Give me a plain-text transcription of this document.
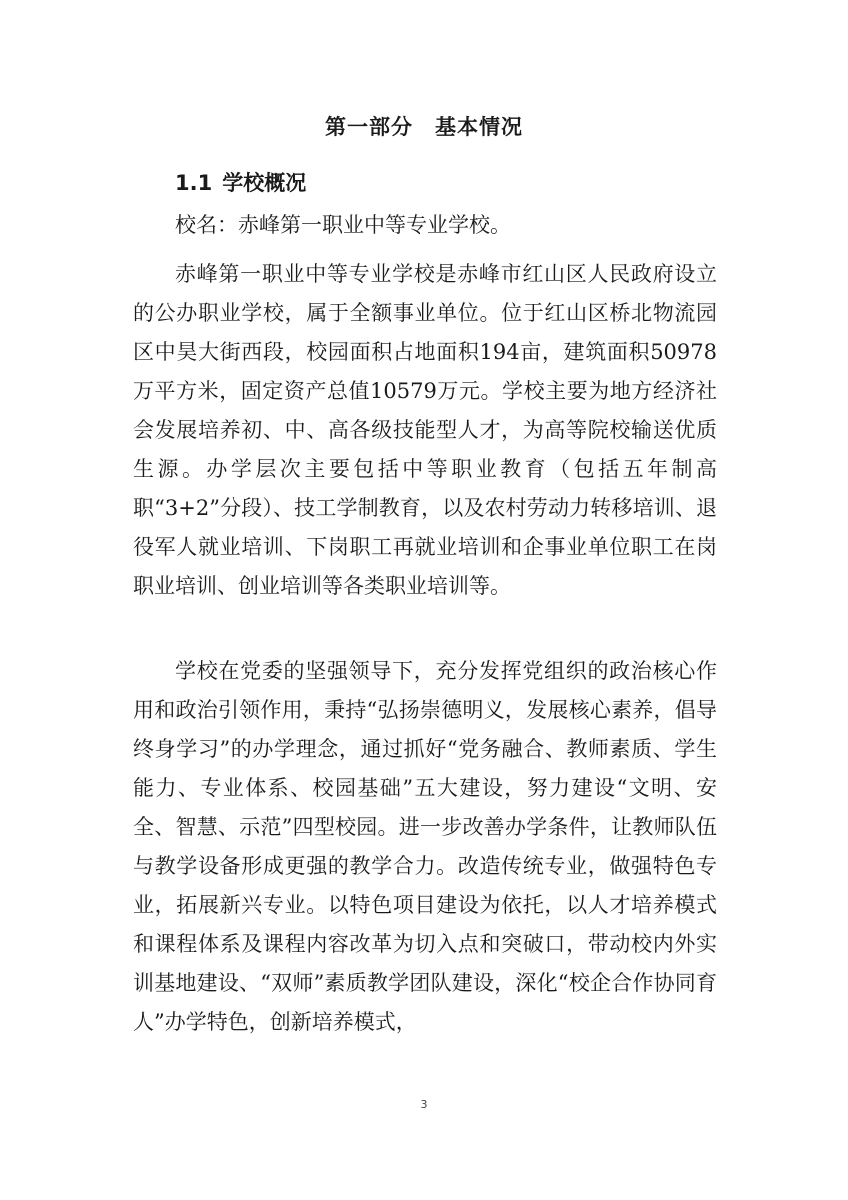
第一部分　基本情况
1.1 学校概况
校名：赤峰第一职业中等专业学校。
赤峰第一职业中等专业学校是赤峰市红山区人民政府设立的公办职业学校，属于全额事业单位。位于红山区桥北物流园区中昊大街西段，校园面积占地面积194亩，建筑面积50978万平方米，固定资产总值10579万元。学校主要为地方经济社会发展培养初、中、高各级技能型人才，为高等院校输送优质生源。办学层次主要包括中等职业教育（包括五年制高职“3+2”分段）、技工学制教育，以及农村劳动力转移培训、退役军人就业培训、下岗职工再就业培训和企事业单位职工在岗职业培训、创业培训等各类职业培训等。
学校在党委的坚强领导下，充分发挥党组织的政治核心作用和政治引领作用，秉持“弘扬崇德明义，发展核心素养，倡导终身学习”的办学理念，通过抓好“党务融合、教师素质、学生能力、专业体系、校园基础”五大建设，努力建设“文明、安全、智慧、示范”四型校园。进一步改善办学条件，让教师队伍与教学设备形成更强的教学合力。改造传统专业，做强特色专业，拓展新兴专业。以特色项目建设为依托，以人才培养模式和课程体系及课程内容改革为切入点和突破口，带动校内外实训基地建设、“双师”素质教学团队建设，深化“校企合作协同育人”办学特色，创新培养模式，
3
